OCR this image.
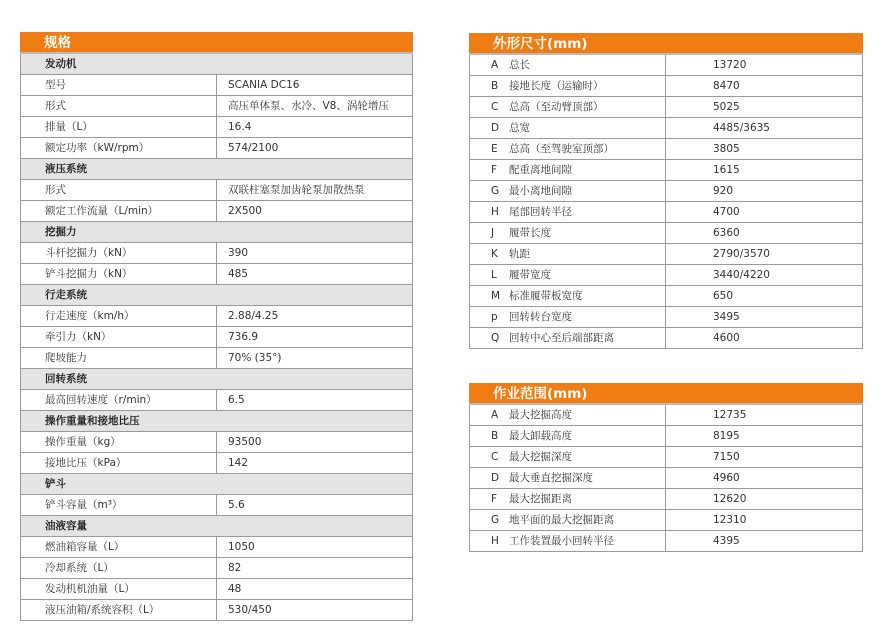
规格
发动机	
型号	SCANIA DC16
形式	高压单体泵、水冷、V8、涡轮增压
排量（L）	16.4
额定功率（kW/rpm）	574/2100
液压系统	
形式	双联柱塞泵加齿轮泵加散热泵
额定工作流量（L/min）	2X500
挖掘力	
斗杆挖掘力（kN）	390
铲斗挖掘力（kN）	485
行走系统	
行走速度（km/h）	2.88/4.25
牵引力（kN）	736.9
爬坡能力	70% (35°)
回转系统	
最高回转速度（r/min）	6.5
操作重量和接地比压	
操作重量（kg）	93500
接地比压（kPa）	142
铲斗	
铲斗容量（m³）	5.6
油液容量	
燃油箱容量（L）	1050
冷却系统（L）	82
发动机机油量（L）	48
液压油箱/系统容积（L）	530/450
外形尺寸(mm)
A 总长	13720
B 接地长度（运输时）	8470
C 总高（至动臂顶部）	5025
D 总宽	4485/3635
E 总高（至驾驶室顶部）	3805
F 配重离地间隙	1615
G 最小离地间隙	920
H 尾部回转半径	4700
J 履带长度	6360
K 轨距	2790/3570
L 履带宽度	3440/4220
M 标准履带板宽度	650
p 回转转台宽度	3495
Q 回转中心至后端部距离	4600
作业范围(mm)
A 最大挖掘高度	12735
B 最大卸载高度	8195
C 最大挖掘深度	7150
D 最大垂直挖掘深度	4960
F 最大挖掘距离	12620
G 地平面的最大挖掘距离	12310
H 工作装置最小回转半径	4395
